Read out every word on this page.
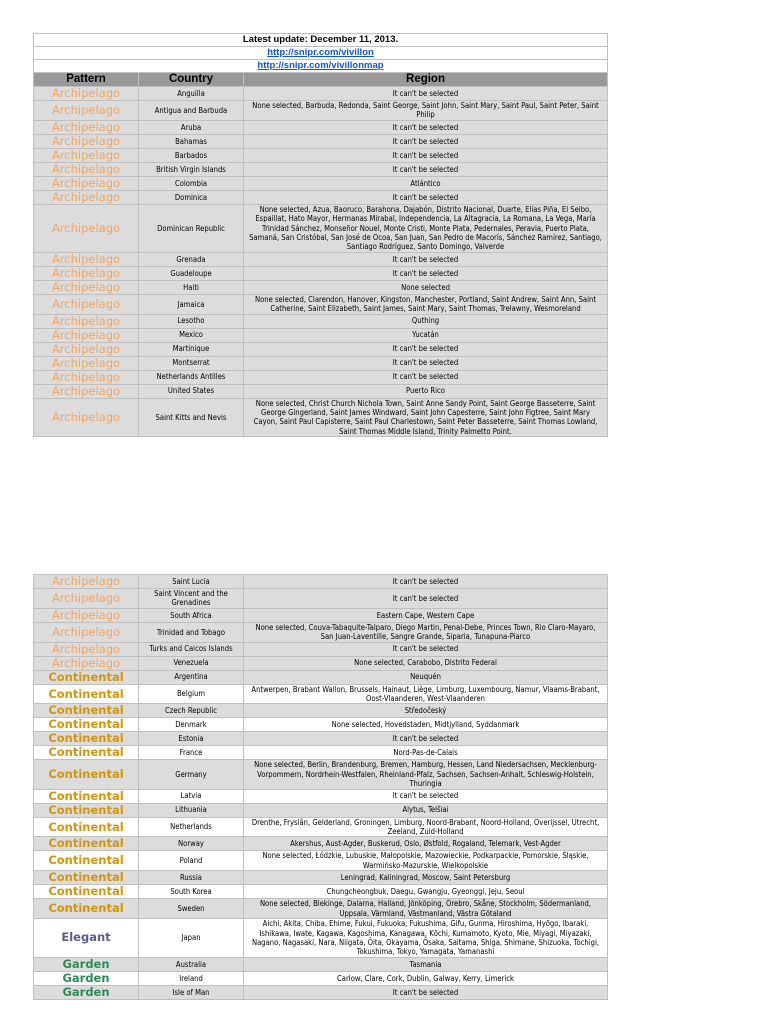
Latest update: December 11, 2013.		
http://snipr.com/vivillon		
http://snipr.com/vivillonmap		
Pattern	Country	Region
Archipelago	Anguilla	It can't be selected
Archipelago	Antigua and Barbuda	None selected, Barbuda, Redonda, Saint George, Saint John, Saint Mary, Saint Paul, Saint Peter, Saint Philip
Archipelago	Aruba	It can't be selected
Archipelago	Bahamas	It can't be selected
Archipelago	Barbados	It can't be selected
Archipelago	British Virgin Islands	It can't be selected
Archipelago	Colombia	Atlántico
Archipelago	Dominica	It can't be selected
Archipelago	Dominican Republic	None selected, Azua, Baoruco, Barahona, Dajabón, Distrito Nacional, Duarte, Elías Piña, El Seibo, Espaillat, Hato Mayor, Hermanas Mirabal, Independencia, La Altagracia, La Romana, La Vega, María Trinidad Sánchez, Monseñor Nouel, Monte Cristi, Monte Plata, Pedernales, Peravia, Puerto Plata, Samaná, San Cristóbal, San José de Ocoa, San Juan, San Pedro de Macorís, Sánchez Ramírez, Santiago, Santiago Rodríguez, Santo Domingo, Valverde
Archipelago	Grenada	It can't be selected
Archipelago	Guadeloupe	It can't be selected
Archipelago	Haiti	None selected
Archipelago	Jamaica	None selected, Clarendon, Hanover, Kingston, Manchester, Portland, Saint Andrew, Saint Ann, Saint Catherine, Saint Elizabeth, Saint James, Saint Mary, Saint Thomas, Trelawny, Wesmoreland
Archipelago	Lesotho	Quthing
Archipelago	Mexico	Yucatán
Archipelago	Martinique	It can't be selected
Archipelago	Montserrat	It can't be selected
Archipelago	Netherlands Antilles	It can't be selected
Archipelago	United States	Puerto Rico
Archipelago	Saint Kitts and Nevis	None selected, Christ Church Nichola Town, Saint Anne Sandy Point, Saint George Basseterre, Saint George Gingerland, Saint James Windward, Saint John Capesterre, Saint John Figtree, Saint Mary Cayon, Saint Paul Capisterre, Saint Paul Charlestown, Saint Peter Basseterre, Saint Thomas Lowland, Saint Thomas Middle Island, Trinity Palmetto Point.
Archipelago	Saint Lucia	It can't be selected
Archipelago	Saint Vincent and the Grenadines	It can't be selected
Archipelago	South Africa	Eastern Cape, Western Cape
Archipelago	Trinidad and Tobago	None selected, Couva-Tabaquite-Talparo, Diego Martin, Penal-Debe, Princes Town, Rio Claro-Mayaro, San Juan-Laventille, Sangre Grande, Siparia, Tunapuna-Piarco
Archipelago	Turks and Caicos Islands	It can't be selected
Archipelago	Venezuela	None selected, Carabobo, Distrito Federal
Continental	Argentina	Neuquén
Continental	Belgium	Antwerpen, Brabant Wallon, Brussels, Hainaut, Liège, Limburg, Luxembourg, Namur, Vlaams-Brabant, Oost-Vlaanderen, West-Vlaanderen
Continental	Czech Republic	Středočeský
Continental	Denmark	None selected, Hovedstaden, Midtjylland, Syddanmark
Continental	Estonia	It can't be selected
Continental	France	Nord-Pas-de-Calais
Continental	Germany	None selected, Berlin, Brandenburg, Bremen, Hamburg, Hessen, Land Niedersachsen, Mecklenburg-Vorpommern, Nordrhein-Westfalen, Rheinland-Pfalz, Sachsen, Sachsen-Anhalt, Schleswig-Holstein, Thuringia
Continental	Latvia	It can't be selected
Continental	Lithuania	Alytus, Telšiai
Continental	Netherlands	Drenthe, Fryslân, Gelderland, Groningen, Limburg, Noord-Brabant, Noord-Holland, Overijssel, Utrecht, Zeeland, Zuid-Holland
Continental	Norway	Akershus, Aust-Agder, Buskerud, Oslo, Østfold, Rogaland, Telemark, Vest-Agder
Continental	Poland	None selected, Łódzkie, Lubuskie, Małopolskie, Mazowieckie, Podkarpackie, Pomorskie, Śląskie, Warmińsko-Mazurskie, Wielkopolskie
Continental	Russia	Leningrad, Kaliningrad, Moscow, Saint Petersburg
Continental	South Korea	Chungcheongbuk, Daegu, Gwangju, Gyeonggi, Jeju, Seoul
Continental	Sweden	None selected, Blekinge, Dalarna, Halland, Jönköping, Örebro, Skåne, Stockholm, Södermanland, Uppsala, Värmland, Västmanland, Västra Götaland
Elegant	Japan	Aichi, Akita, Chiba, Ehime, Fukui, Fukuoka, Fukushima, Gifu, Gunma, Hiroshima, Hyōgo, Ibaraki, Ishikawa, Iwate, Kagawa, Kagoshima, Kanagawa, Kōchi, Kumamoto, Kyoto, Mie, Miyagi, Miyazaki, Nagano, Nagasaki, Nara, Niigata, Ōita, Okayama, Ōsaka, Saitama, Shiga, Shimane, Shizuoka, Tochigi, Tokushima, Tokyo, Yamagata, Yamanashi
Garden	Australia	Tasmania
Garden	Ireland	Carlow, Clare, Cork, Dublin, Galway, Kerry, Limerick
Garden	Isle of Man	It can't be selected
